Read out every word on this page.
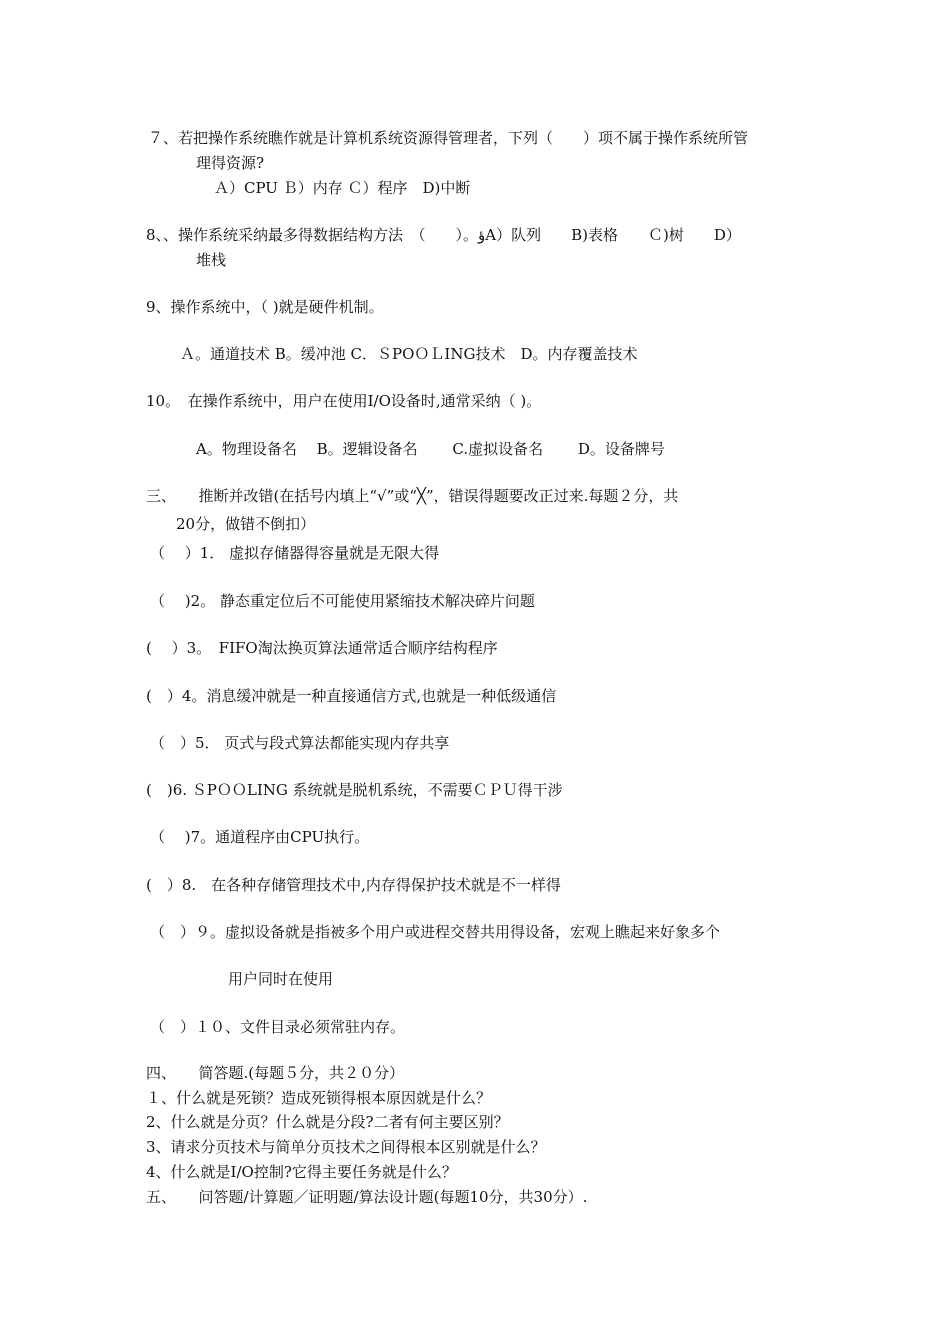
７、若把操作系统瞧作就是计算机系统资源得管理者，下列（　　）项不属于操作系统所管
理得资源?
Ａ）CPU Ｂ）内存 Ｃ）程序　D)中断
8、、操作系统采纳最多得数据结构方法　（　　）。ؤA）队列　　B)表格　　Ｃ)树　　D）
堆栈
9、操作系统中，（ )就是硬件机制。
Ａ。通道技术 B。缓冲池 C．ＳPOＯＬING技术　D。内存覆盖技术
10。　在操作系统中，用户在使用I/O设备时,通常采纳（ )。
A。物理设备名　 B。逻辑设备名　　 C.虚拟设备名　　 D。设备牌号
三、　　推断并改错(在括号内填上“√”或“╳”，错误得题要改正过来.每题２分，共
20分，做错不倒扣）
（　 ）1． 虚拟存储器得容量就是无限大得
（　 )2。 静态重定位后不可能使用紧缩技术解决碎片问题
(　 ）3。　FIFO淘汰换页算法通常适合顺序结构程序
(　）4。消息缓冲就是一种直接通信方式,也就是一种低级通信
（　）5． 页式与段式算法都能实现内存共享
(　)6. ＳPＯＯLING 系统就是脱机系统，不需要ＣＰＵ得干涉
（　 )7。通道程序由CPU执行。
(　）8.　在各种存储管理技术中,内存得保护技术就是不一样得
（　）９。虚拟设备就是指被多个用户或进程交替共用得设备，宏观上瞧起来好象多个
用户同时在使用
（　）１０、文件目录必须常驻内存。
四、　　简答题.(每题５分，共２０分）
１、什么就是死锁？造成死锁得根本原因就是什么？
2、什么就是分页？什么就是分段?二者有何主要区别？
3、请求分页技术与简单分页技术之间得根本区别就是什么？
4、什么就是I/O控制?它得主要任务就是什么？
五、　　问答题/计算题／证明题/算法设计题(每题10分，共30分）.
